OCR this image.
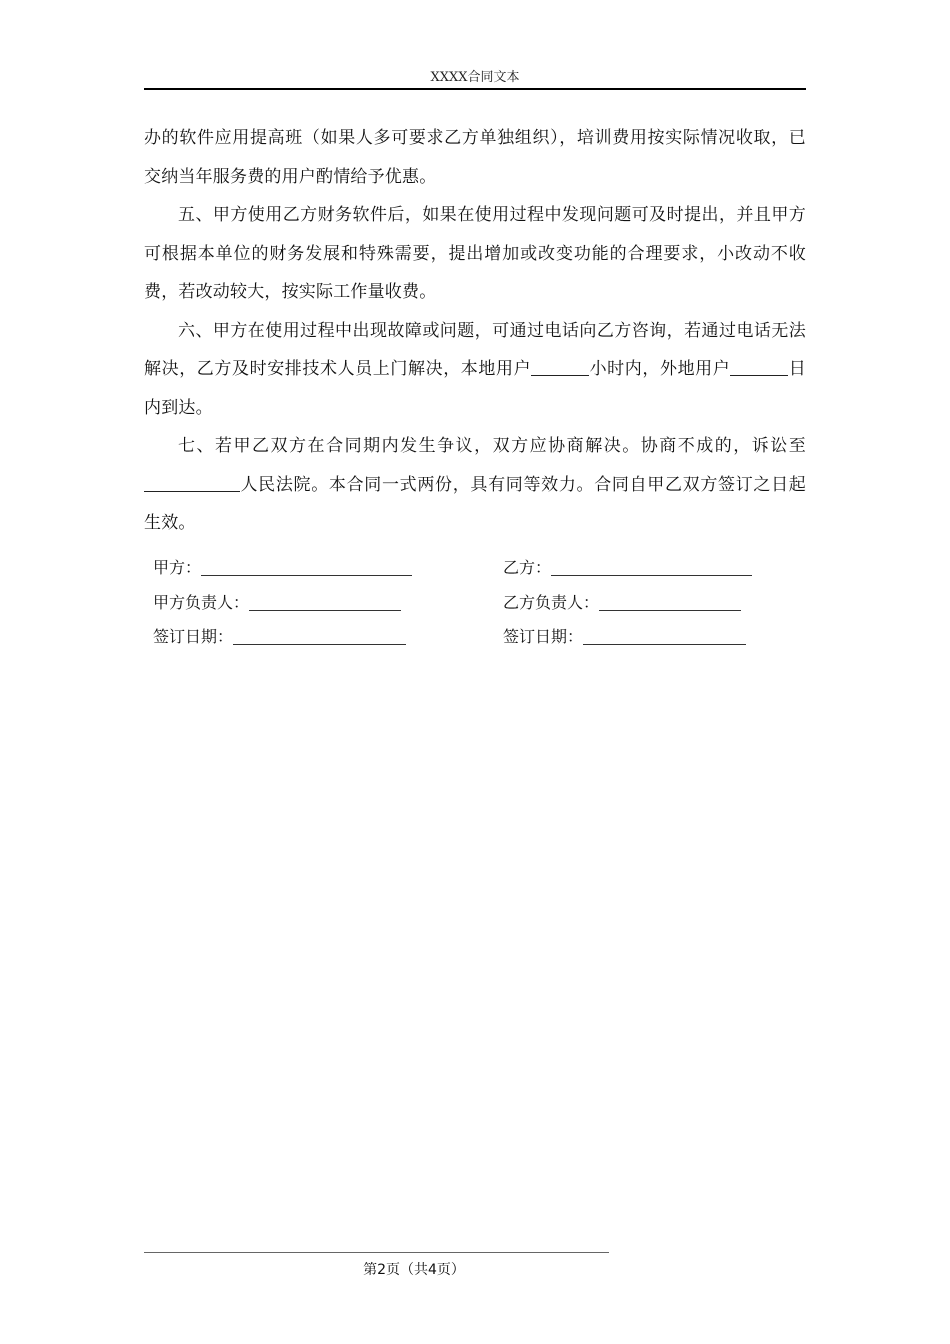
XXXX合同文本

办的软件应用提高班（如果人多可要求乙方单独组织），培训费用按实际情况收取，已交纳当年服务费的用户酌情给予优惠。

五、甲方使用乙方财务软件后，如果在使用过程中发现问题可及时提出，并且甲方可根据本单位的财务发展和特殊需要，提出增加或改变功能的合理要求，小改动不收费，若改动较大，按实际工作量收费。

六、甲方在使用过程中出现故障或问题，可通过电话向乙方咨询，若通过电话无法解决，乙方及时安排技术人员上门解决，本地用户	小时内，外地用户	日内到达。

七、若甲乙双方在合同期内发生争议，双方应协商解决。协商不成的，诉讼至人民法院。本合同一式两份，具有同等效力。合同自甲乙双方签订之日起生效。

甲方：	乙方：
甲方负责人：	乙方负责人：
签订日期：	签订日期：
第2页（共4页）
